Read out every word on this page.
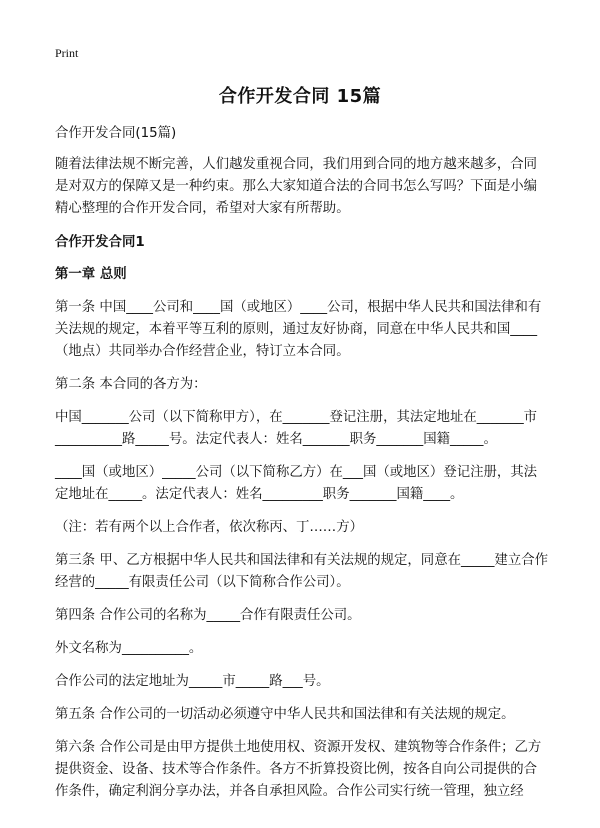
Print
合作开发合同 15篇

合作开发合同(15篇)

随着法律法规不断完善，人们越发重视合同，我们用到合同的地方越来越多，合同是对双方的保障又是一种约束。那么大家知道合法的合同书怎么写吗？下面是小编精心整理的合作开发合同，希望对大家有所帮助。

合作开发合同1

第一章 总则

第一条 中国____公司和____国（或地区）____公司，根据中华人民共和国法律和有关法规的规定，本着平等互利的原则，通过友好协商，同意在中华人民共和国____（地点）共同举办合作经营企业，特订立本合同。

第二条 本合同的各方为：

中国_______公司（以下简称甲方），在_______登记注册，其法定地址在_______市__________路_____号。法定代表人：姓名_______职务_______国籍_____。

____国（或地区）_____公司（以下简称乙方）在___国（或地区）登记注册，其法定地址在_____。法定代表人：姓名_________职务_______国籍____。

（注：若有两个以上合作者，依次称丙、丁……方）

第三条 甲、乙方根据中华人民共和国法律和有关法规的规定，同意在_____建立合作经营的_____有限责任公司（以下简称合作公司）。

第四条 合作公司的名称为_____合作有限责任公司。

外文名称为__________。

合作公司的法定地址为_____市_____路___号。

第五条 合作公司的一切活动必须遵守中华人民共和国法律和有关法规的规定。

第六条 合作公司是由甲方提供土地使用权、资源开发权、建筑物等合作条件；乙方提供资金、设备、技术等合作条件。各方不折算投资比例，按各自向公司提供的合作条件，确定利润分享办法，并各自承担风险。合作公司实行统一管理，独立经
